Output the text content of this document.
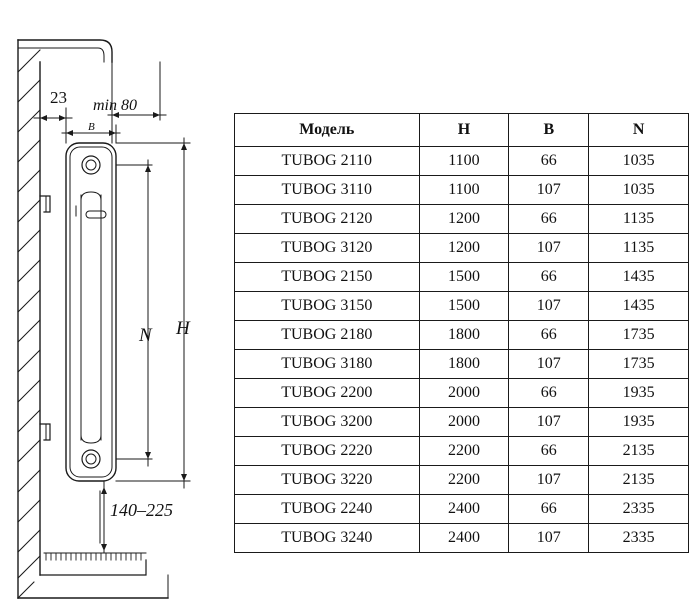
23 min 80
B
N H
140–225
Модель	H	B	N
TUBOG 2110	1100	66	1035
TUBOG 3110	1100	107	1035
TUBOG 2120	1200	66	1135
TUBOG 3120	1200	107	1135
TUBOG 2150	1500	66	1435
TUBOG 3150	1500	107	1435
TUBOG 2180	1800	66	1735
TUBOG 3180	1800	107	1735
TUBOG 2200	2000	66	1935
TUBOG 3200	2000	107	1935
TUBOG 2220	2200	66	2135
TUBOG 3220	2200	107	2135
TUBOG 2240	2400	66	2335
TUBOG 3240	2400	107	2335
